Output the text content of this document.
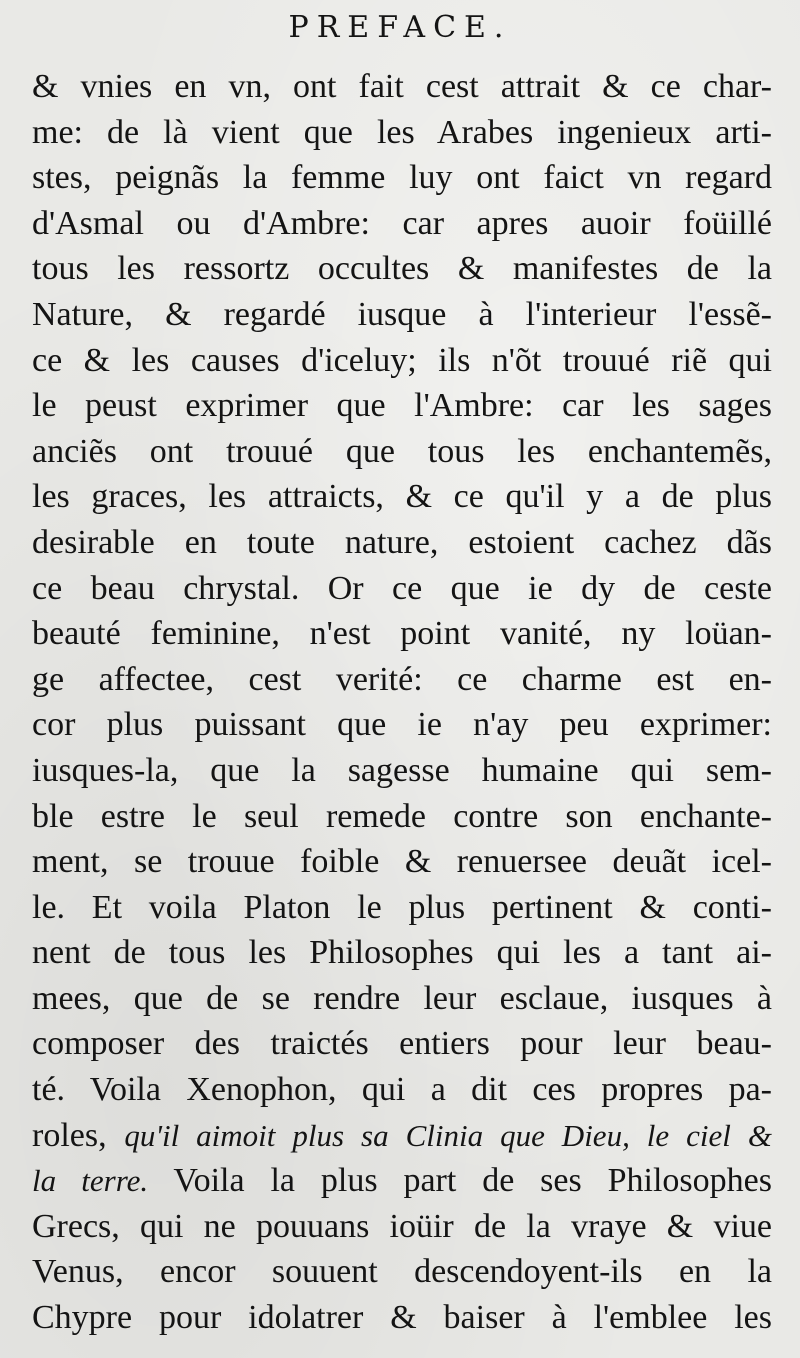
PREFACE.
& vnies en vn, ont fait cest attrait & ce char-
me: de là vient que les Arabes ingenieux arti-
stes, peignãs la femme luy ont faict vn regard
d'Asmal ou d'Ambre: car apres auoir foüillé
tous les ressortz occultes & manifestes de la
Nature, & regardé iusque à l'interieur l'essẽ-
ce & les causes d'iceluy; ils n'õt trouué riẽ qui
le peust exprimer que l'Ambre: car les sages
anciẽs ont trouué que tous les enchantemẽs,
les graces, les attraicts, & ce qu'il y a de plus
desirable en toute nature, estoient cachez dãs
ce beau chrystal. Or ce que ie dy de ceste
beauté feminine, n'est point vanité, ny loüan-
ge affectee, cest verité: ce charme est en-
cor plus puissant que ie n'ay peu exprimer:
iusques-la, que la sagesse humaine qui sem-
ble estre le seul remede contre son enchante-
ment, se trouue foible & renuersee deuãt icel-
le. Et voila Platon le plus pertinent & conti-
nent de tous les Philosophes qui les a tant ai-
mees, que de se rendre leur esclaue, iusques à
composer des traictés entiers pour leur beau-
té. Voila Xenophon, qui a dit ces propres pa-
roles, qu'il aimoit plus sa Clinia que Dieu, le ciel &
la terre. Voila la plus part de ses Philosophes
Grecs, qui ne pouuans ioüir de la vraye & viue
Venus, encor souuent descendoyent-ils en la
Chypre pour idolatrer & baiser à l'emblee les
